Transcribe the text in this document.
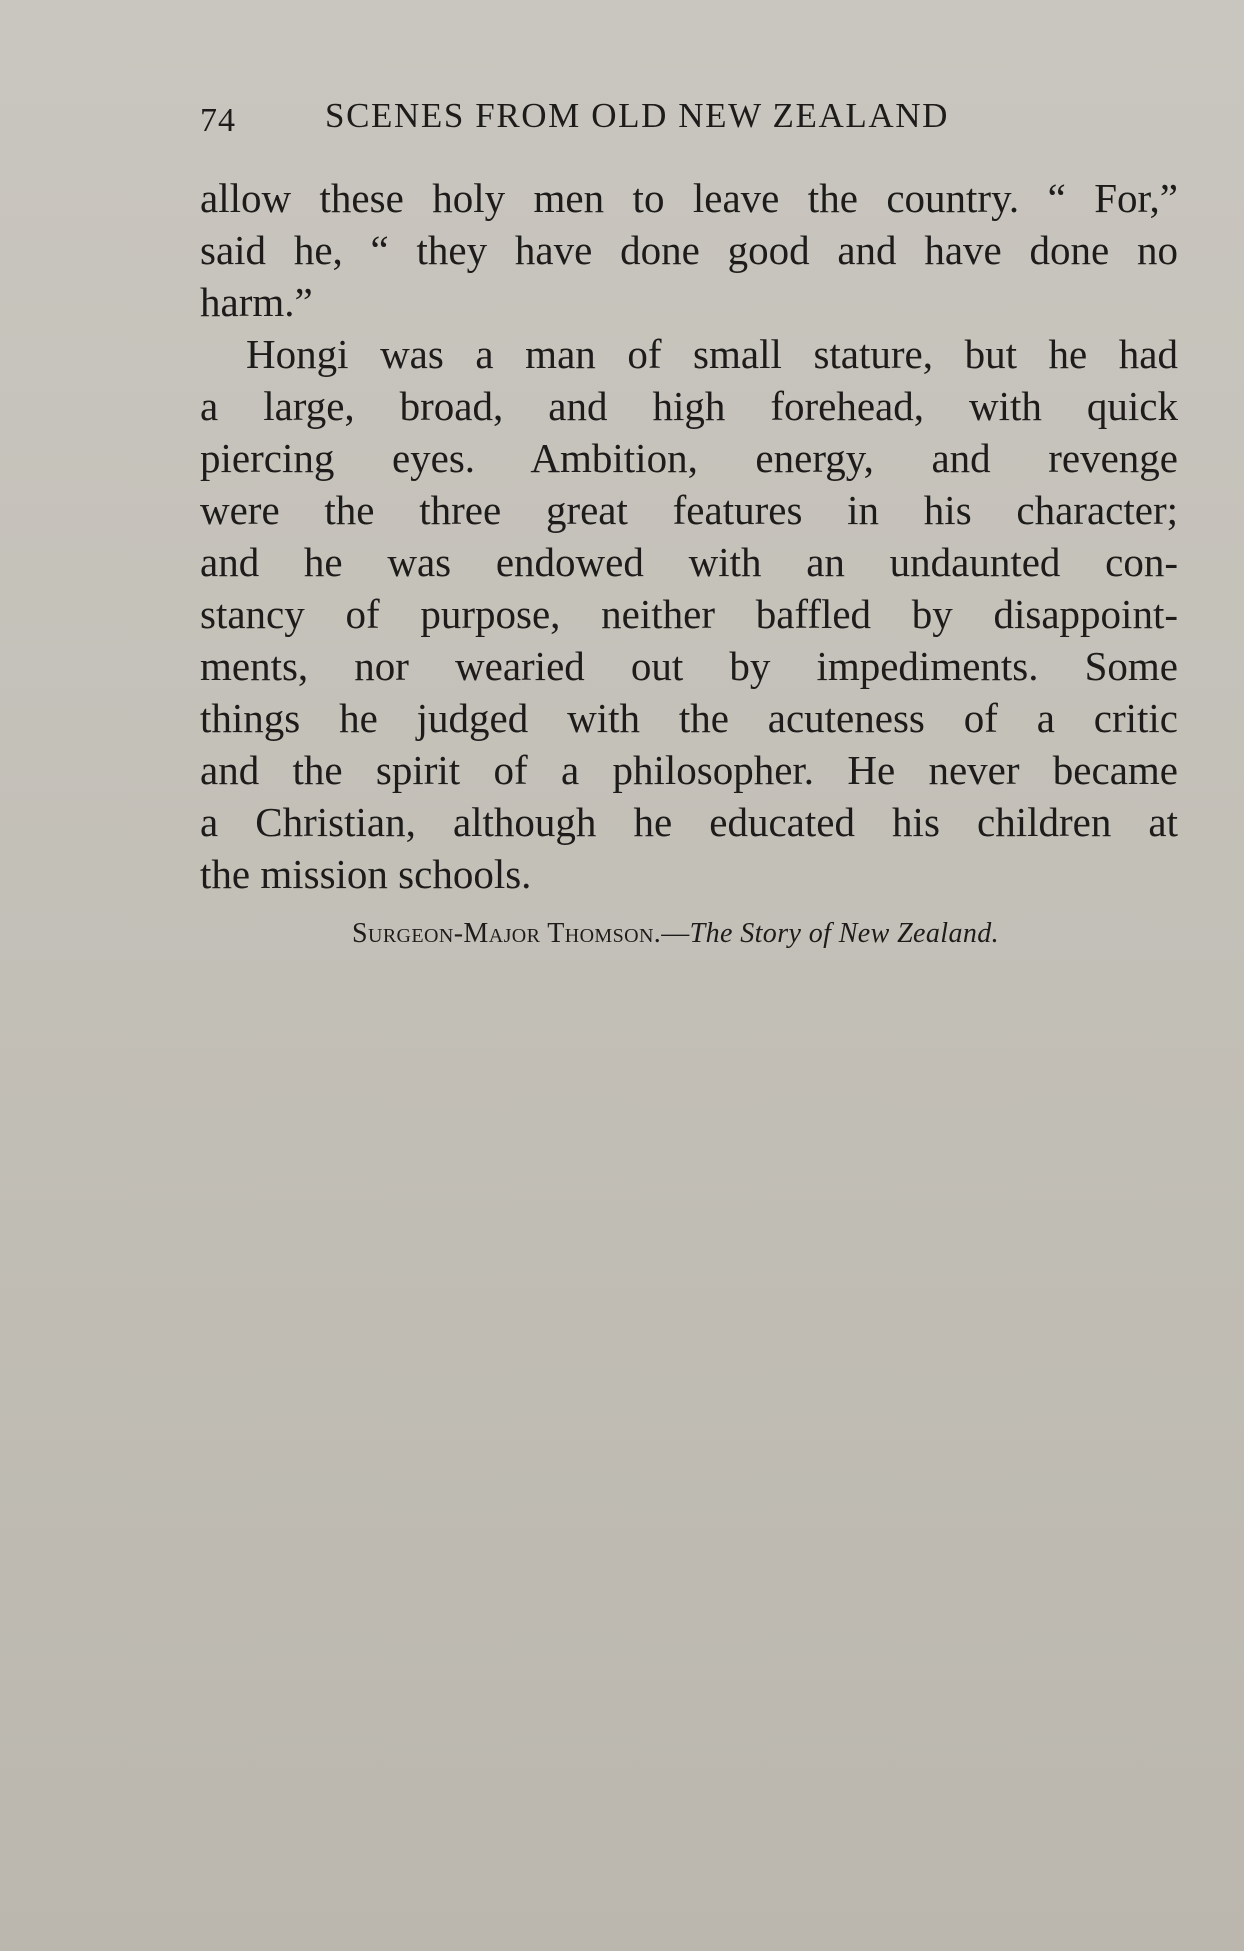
74	SCENES FROM OLD NEW ZEALAND
allow these holy men to leave the country. “ For,”
said he, “ they have done good and have done no
harm.”
Hongi was a man of small stature, but he had
a large, broad, and high forehead, with quick
piercing eyes. Ambition, energy, and revenge
were the three great features in his character;
and he was endowed with an undaunted con-
stancy of purpose, neither baffled by disappoint-
ments, nor wearied out by impediments. Some
things he judged with the acuteness of a critic
and the spirit of a philosopher. He never became
a Christian, although he educated his children at
the mission schools.
Surgeon-Major Thomson.—The Story of New Zealand.
